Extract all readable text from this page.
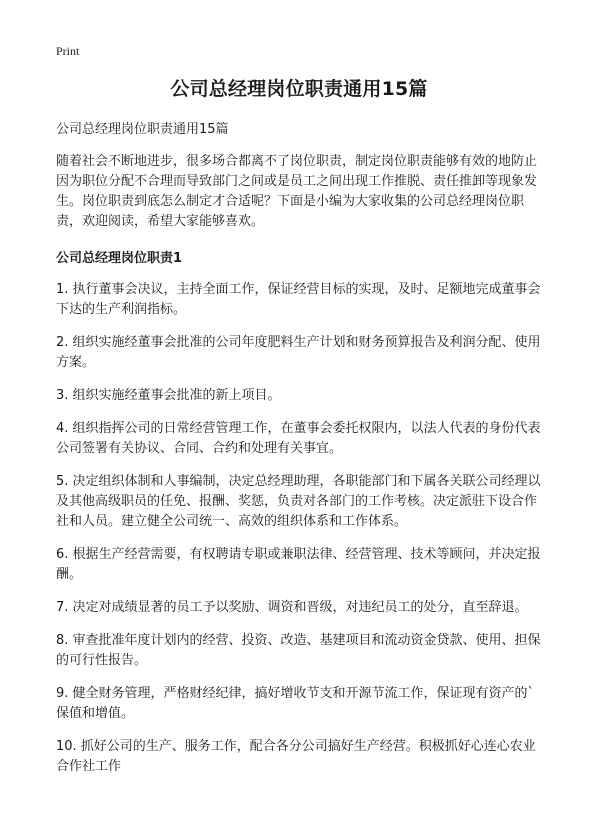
Print
公司总经理岗位职责通用15篇

公司总经理岗位职责通用15篇

随着社会不断地进步，很多场合都离不了岗位职责，制定岗位职责能够有效的地防止因为职位分配不合理而导致部门之间或是员工之间出现工作推脱、责任推卸等现象发生。岗位职责到底怎么制定才合适呢？下面是小编为大家收集的公司总经理岗位职责，欢迎阅读，希望大家能够喜欢。

公司总经理岗位职责1

1. 执行董事会决议，主持全面工作，保证经营目标的实现，及时、足额地完成董事会下达的生产利润指标。

2. 组织实施经董事会批准的公司年度肥料生产计划和财务预算报告及利润分配、使用方案。

3. 组织实施经董事会批准的新上项目。

4. 组织指挥公司的日常经营管理工作，在董事会委托权限内，以法人代表的身份代表公司签署有关协议、合同、合约和处理有关事宜。

5. 决定组织体制和人事编制，决定总经理助理，各职能部门和下属各关联公司经理以及其他高级职员的任免、报酬、奖惩，负责对各部门的工作考核。决定派驻下设合作社和人员。建立健全公司统一、高效的组织体系和工作体系。

6. 根据生产经营需要，有权聘请专职或兼职法律、经营管理、技术等顾问，并决定报酬。

7. 决定对成绩显著的员工予以奖励、调资和晋级，对违纪员工的处分，直至辞退。

8. 审查批准年度计划内的经营、投资、改造、基建项目和流动资金贷款、使用、担保的可行性报告。

9. 健全财务管理，严格财经纪律，搞好增收节支和开源节流工作，保证现有资产的`保值和增值。

10. 抓好公司的生产、服务工作，配合各分公司搞好生产经营。积极抓好心连心农业合作社工作
